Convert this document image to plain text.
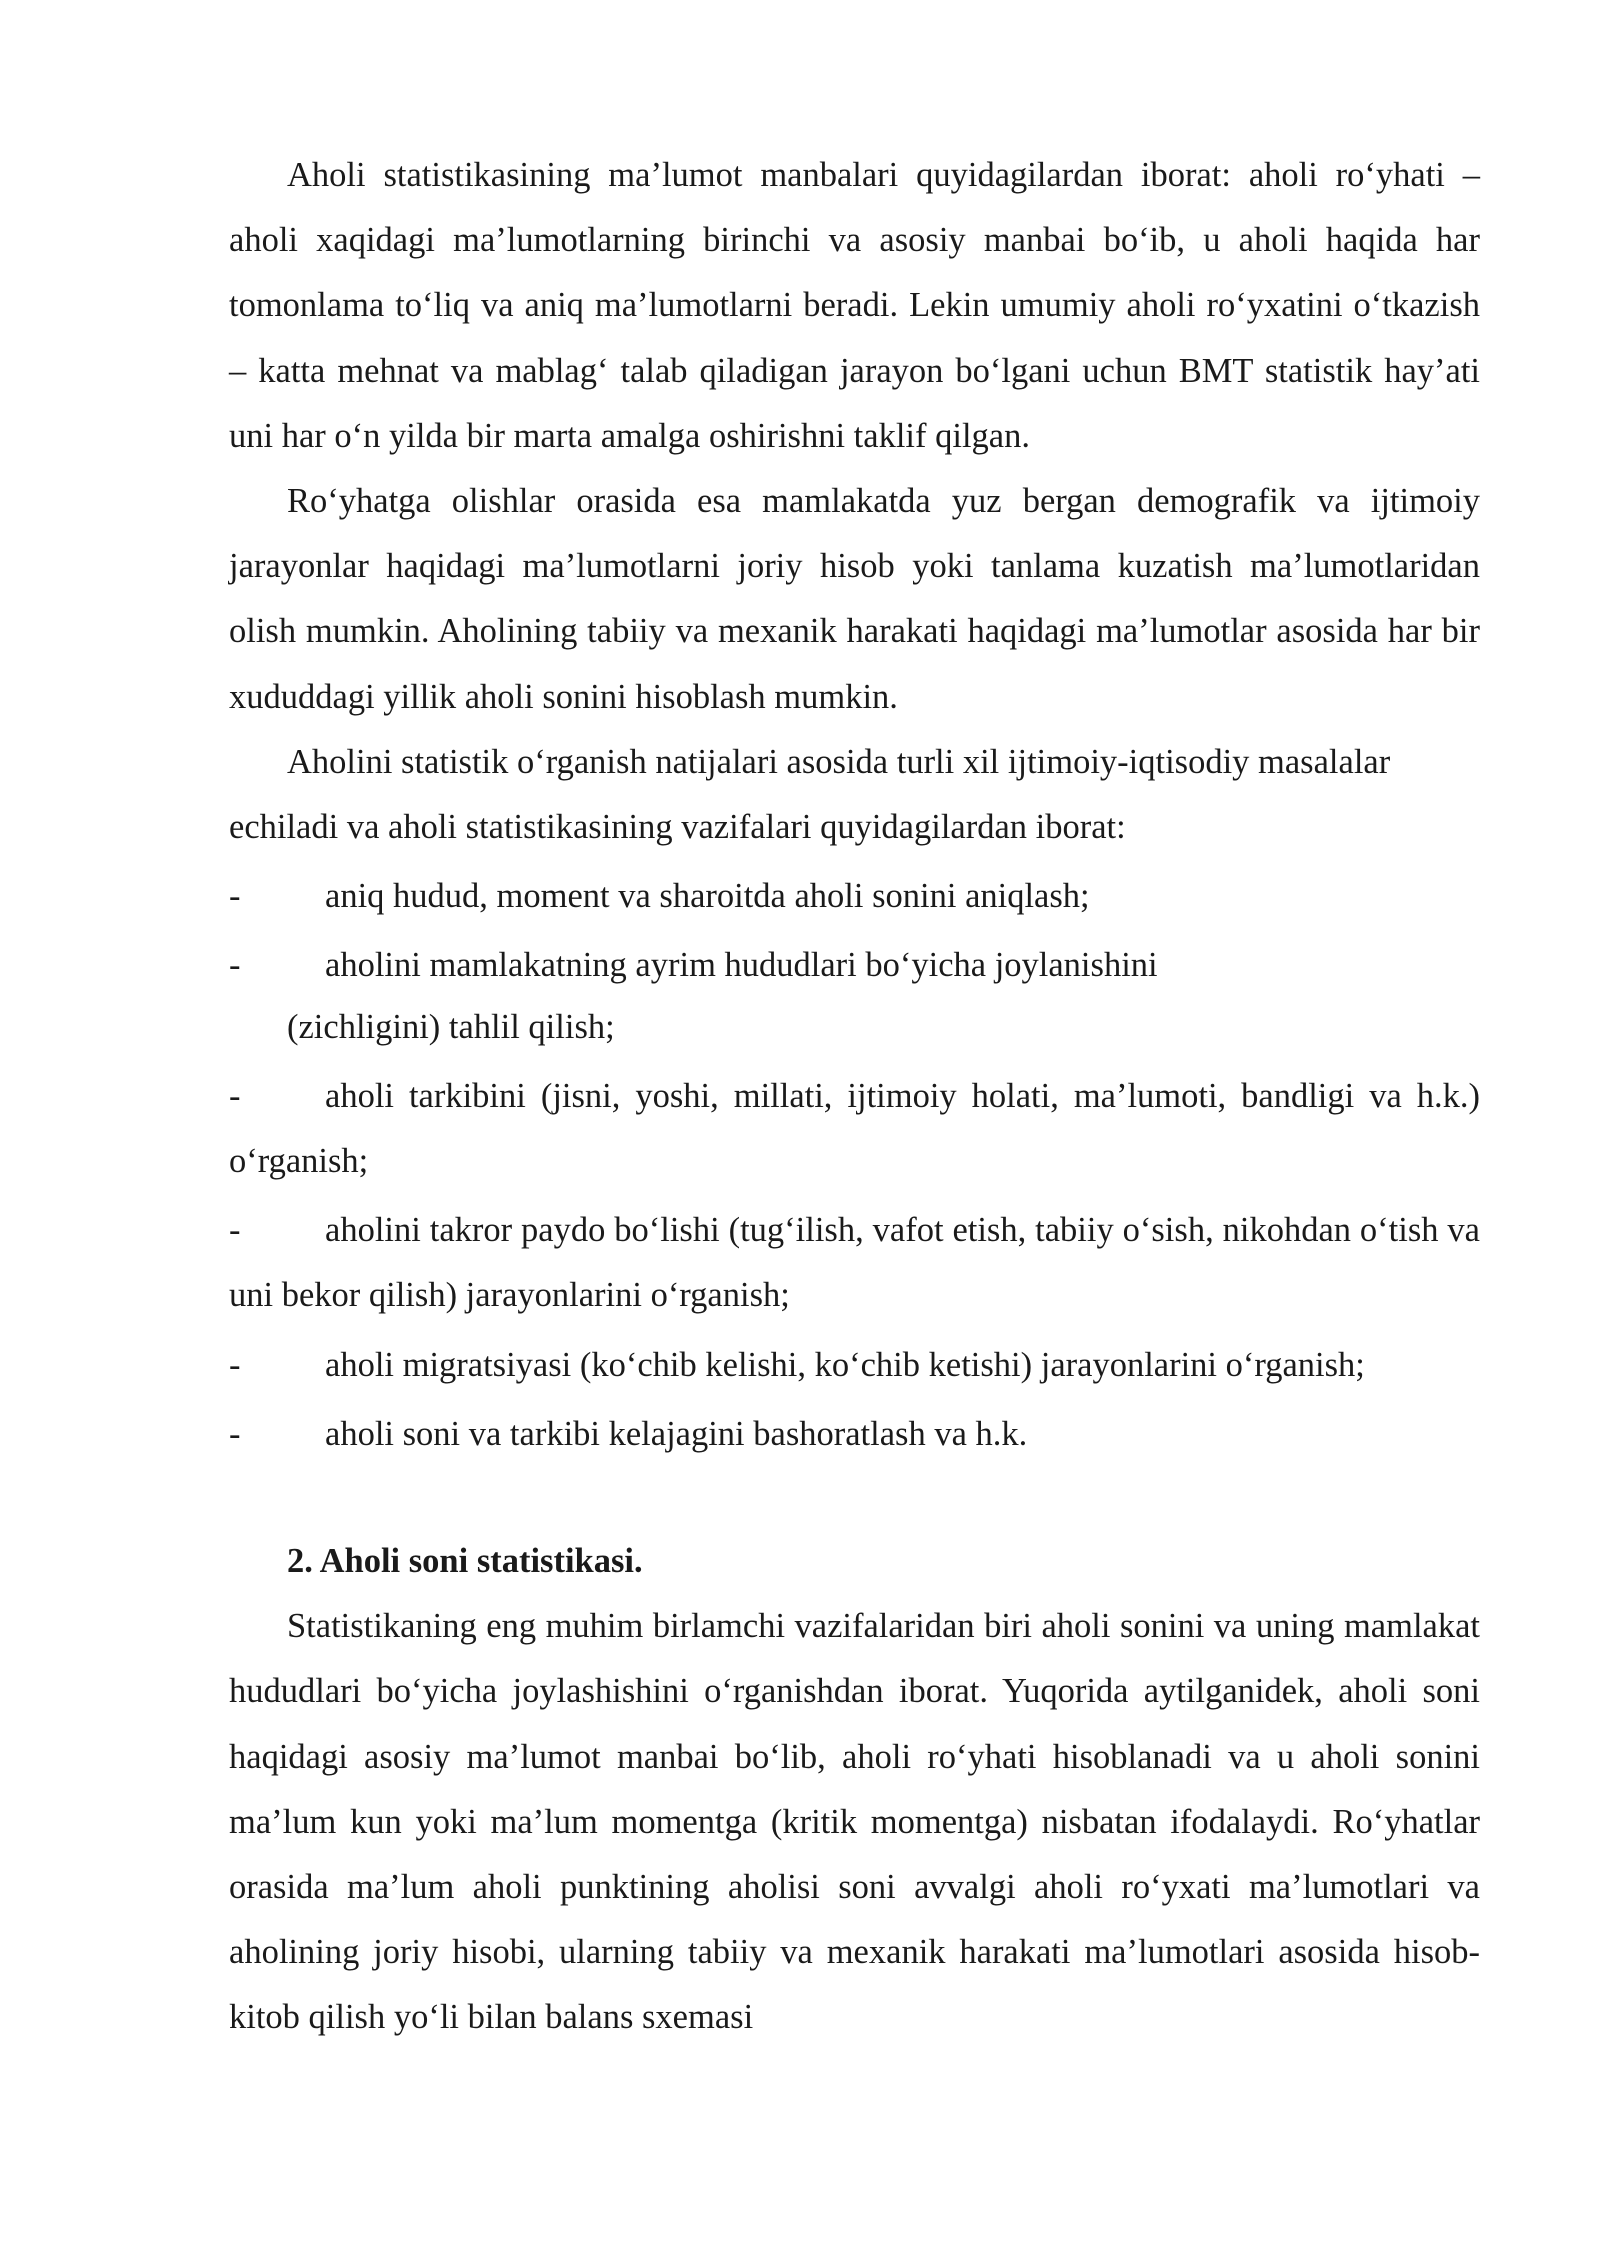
Aholi statistikasining ma’lumot manbalari quyidagilardan iborat: aholi ro‘yhati – aholi xaqidagi ma’lumotlarning birinchi va asosiy manbai bo‘ib, u aholi haqida har tomonlama to‘liq va aniq ma’lumotlarni beradi. Lekin umumiy aholi ro‘yxatini o‘tkazish – katta mehnat va mablag‘ talab qiladigan jarayon bo‘lgani uchun BMT statistik hay’ati uni har o‘n yilda bir marta amalga oshirishni taklif qilgan.

Ro‘yhatga olishlar orasida esa mamlakatda yuz bergan demografik va ijtimoiy jarayonlar haqidagi ma’lumotlarni joriy hisob yoki tanlama kuzatish ma’lumotlaridan olish mumkin. Aholining tabiiy va mexanik harakati haqidagi ma’lumotlar asosida har bir xududdagi yillik aholi sonini hisoblash mumkin.

Aholini statistik o‘rganish natijalari asosida turli xil ijtimoiy-iqtisodiy masalalar

echiladi va aholi statistikasining vazifalari quyidagilardan iborat:

- aniq hudud, moment va sharoitda aholi sonini aniqlash;

- aholini mamlakatning ayrim hududlari bo‘yicha joylanishini

(zichligini) tahlil qilish;

- aholi tarkibini (jisni, yoshi, millati, ijtimoiy holati, ma’lumoti, bandligi va h.k.) o‘rganish;

- aholini takror paydo bo‘lishi (tug‘ilish, vafot etish, tabiiy o‘sish, nikohdan o‘tish va uni bekor qilish) jarayonlarini o‘rganish;

- aholi migratsiyasi (ko‘chib kelishi, ko‘chib ketishi) jarayonlarini o‘rganish;

- aholi soni va tarkibi kelajagini bashoratlash va h.k.

2. Aholi soni statistikasi.

Statistikaning eng muhim birlamchi vazifalaridan biri aholi sonini va uning mamlakat hududlari bo‘yicha joylashishini o‘rganishdan iborat. Yuqorida aytilganidek, aholi soni haqidagi asosiy ma’lumot manbai bo‘lib, aholi ro‘yhati hisoblanadi va u aholi sonini ma’lum kun yoki ma’lum momentga (kritik momentga) nisbatan ifodalaydi. Ro‘yhatlar orasida ma’lum aholi punktining aholisi soni avvalgi aholi ro‘yxati ma’lumotlari va aholining joriy hisobi, ularning tabiiy va mexanik harakati ma’lumotlari asosida hisob-kitob qilish yo‘li bilan balans sxemasi
